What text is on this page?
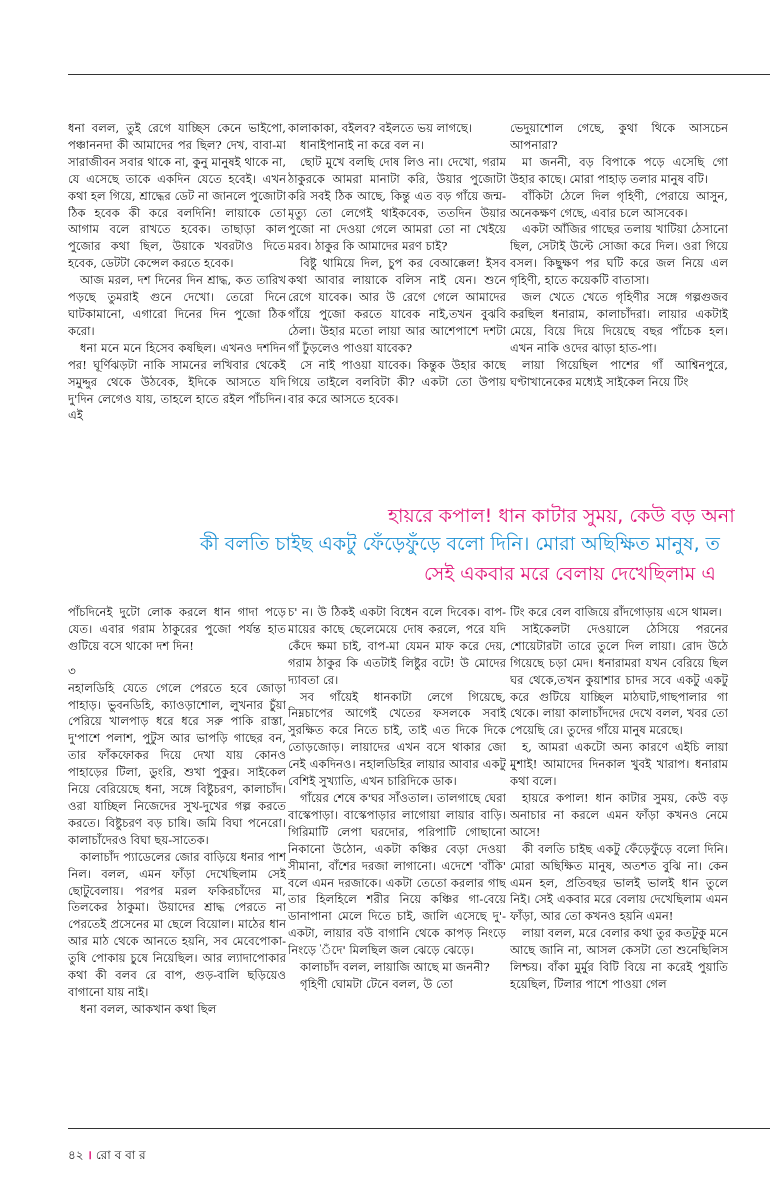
ধনা বলল, তুই রেগে যাচ্ছিস কেনে ভাইপো, পঞ্চাননদা কী আমাদের পর ছিল? দেখ, বাবা-মা সারাজীবন সবার থাকে না, কুনু মানুষই থাকে না, যে এসেছে তাকে একদিন যেতে হবেই। এখন কথা হল গিয়ে, শ্রাদ্ধের ডেট না জানলে পুজোটা ঠিক হবেক কী করে বলদিনি! লায়াকে তো আগাম বলে রাখতে হবেক। তাছাড়া কাল পুজোর কথা ছিল, উয়াকে খবরটাও দিতে হবেক, ডেটটা কেন্সেল করতে হবেক।

আজ মরল, দশ দিনের দিন শ্রাদ্ধ, কত তারিখ পড়ছে তুমরাই গুনে দেখো। তেরো দিনে ঘাটকামানো, এগারো দিনের দিন পুজো ঠিক করো।

ধনা মনে মনে হিসেব কষছিল। এখনও দশদিন পর! ঘূর্ণিঝড়টা নাকি সামনের লখিবার থেকেই সমুদ্দুর থেকে উঠবেক, ইদিকে আসতে যদি দু'দিন লেগেও যায়, তাহলে হাতে রইল পাঁচদিন। এই

কালাকাকা, বইলব? বইলতে ভয় লাগছে।

ধানাইপানাই না করে বল ন।

ছোট মুখে বলছি দোষ লিও না। দেখো, গরাম ঠাকুরকে আমরা মানাটা করি, উয়ার পুজোটা করি সবই ঠিক আছে, কিন্তু এত বড় গাঁয়ে জন্ম-মৃত্যু তো লেগেই থাইকবেক, ততদিন উয়ার পুজো না দেওয়া গেলে আমরা তো না খেইয়ে মরব। ঠাকুর কি আমাদের মরণ চাই?

বিষ্টু থামিয়ে দিল, চুপ কর বেআক্কেল! ইসব কথা আবার লায়াকে বলিস নাই যেন। শুনে রেগে যাবেক। আর উ রেগে গেলে আমাদের গাঁয়ে পুজো করতে যাবেক নাই,তখন বুঝবি ঠেলা। উহার মতো লায়া আর আশেপাশে দশটা গাঁ ঢুঁড়লেও পাওয়া যাবেক?

সে নাই পাওয়া যাবেক। কিন্তুক উহার কাছে গিয়ে তাইলে বলবিটা কী? একটা তো উপায় বার করে আসতে হবেক।

ভেদুয়াশোল গেছে, কুথা থিকে আসচেন আপনারা?

মা জননী, বড় বিপাকে পড়ে এসেছি গো উহার কাছে। মোরা পাহাড় তলার মানুষ বটি।

বাঁকিটা ঠেলে দিল গৃহিণী, পেরায়ে আসুন, অনেকক্ষণ গেছে, এবার চলে আসবেক।

একটা আঁজির গাছের তলায় খাটিয়া ঠেসানো ছিল, সেটাই উল্টে সোজা করে দিল। ওরা গিয়ে বসল। কিছুক্ষণ পর ঘটি করে জল নিয়ে এল গৃহিণী, হাতে কয়েকটি বাতাসা।

জল খেতে খেতে গৃহিণীর সঙ্গে গল্পগুজব করছিল ধনারাম, কালাচাঁদরা। লায়ার একটাই মেয়ে, বিয়ে দিয়ে দিয়েছে বছর পাঁচেক হল। এখন নাকি ওদের ঝাড়া হাত-পা।

লায়া গিয়েছিল পাশের গাঁ আশ্বিনপুরে, ঘণ্টাখানেকের মধ্যেই সাইকেল নিয়ে টিং

হায়রে কপাল! ধান কাটার সুময়, কেউ বড় অনা
কী বলতি চাইছ একটু ফেঁড়েফুঁড়ে বলো দিনি। মোরা অছিক্ষিত মানুষ, ত
সেই একবার মরে বেলায় দেখেছিলাম এ

পাঁচদিনেই দুটো লোক করলে ধান গাদা পড়ে যেত। এবার গরাম ঠাকুরের পুজো পর্যন্ত হাত গুটিয়ে বসে থাকো দশ দিন!

৩

নহালডিহি যেতে গেলে পেরতে হবে জোড়া পাহাড়। ভুবনডিহি, ক্যাওড়াশোল, লুখনার চুঁয়া পেরিয়ে খালপাড় ধরে ধরে সরু পাকি রাস্তা, দু'পাশে পলাশ, পুটুস আর ভাপড়ি গাছের বন, তার ফাঁকফোকর দিয়ে দেখা যায় কোনও পাহাড়ের টিলা, ডুংরি, শুখা পুকুর। সাইকেল নিয়ে বেরিয়েছে ধনা, সঙ্গে বিষ্টুচরণ, কালাচাঁদ। ওরা যাচ্ছিল নিজেদের সুখ-দুখের গল্প করতে করতে। বিষ্টুচরণ বড় চাষি। জমি বিঘা পনেরো। কালাচাঁদেরও বিঘা ছয়-সাতেক।

কালাচাঁদ প্যাডেলের জোর বাড়িয়ে ধনার পাশ নিল। বলল, এমন ফাঁড়া দেখেছিলাম সেই ছোটুবেলায়। পরপর মরল ফকিরচাঁদের মা, তিলকের ঠাকুমা। উয়াদের শ্রাদ্ধ পেরতে না পেরতেই প্রসেনের মা ছেলে বিয়োল। মাঠের ধান আর মাঠ থেকে আনতে হয়নি, সব মেবেপোকা-তুষি পোকায় চুষে নিয়েছিল। আর ল্যাদাপোকার কথা কী বলব রে বাপ, গুড়-বালি ছড়িয়েও বাগানো যায় নাই।

ধনা বলল, আকখান কথা ছিল

চ' ন। উ ঠিকই একটা বিধেন বলে দিবেক। বাপ-মায়ের কাছে ছেলেমেয়ে দোষ করলে, পরে যদি কেঁদে ক্ষমা চাই, বাপ-মা যেমন মাফ করে দেয়, গরাম ঠাকুর কি এতটাই লিষ্টুর বটে! উ মোদের দ্যাবতা রে।

সব গাঁয়েই ধানকাটা লেগে গিয়েছে, নিম্নচাপের আগেই খেতের ফসলকে সবাই সুরক্ষিত করে নিতে চাই, তাই এত দিকে দিকে তোড়জোড়। লায়াদের এখন বসে থাকার জো নেই একদিনও। নহালডিহির লায়ার আবার একটু বেশিই সুখ্যাতি, এখন চারিদিকে ডাক।

গাঁয়ের শেষে ক'ঘর সাঁওতাল। তালগাছে ঘেরা বাস্কেপাড়া। বাস্কেপাড়ার লাগোয়া লায়ার বাড়ি। গিরিমাটি লেপা ঘরদোর, পরিপাটি গোছানো নিকানো উঠোন, একটা কঞ্চির বেড়া দেওয়া সীমানা, বাঁশের দরজা লাগানো। এদেশে 'বাঁকি' বলে এমন দরজাকে। একটা তেতো করলার গাছ তার হিলহিলে শরীর নিয়ে কঞ্চির গা-বেয়ে ডানাপানা মেলে দিতে চাই, জালি এসেছে দু'-একটা, লায়ার বউ বাগানি থেকে কাপড় নিংড়ে নিংড়ে 'ঁদে' মিলছিল জল ঝেড়ে ঝেড়ে।

কালাচাঁদ বলল, লায়াজি আছে মা জননী?

গৃহিণী ঘোমটা টেনে বলল, উ তো

টিং করে বেল বাজিয়ে রাঁদগোড়ায় এসে থামল।

সাইকেলটা দেওয়ালে ঠেসিয়ে পরনের শোয়েটারটা তারে তুলে দিল লায়া। রোদ উঠে গিয়েছে চড়া মেদ। ধনারামরা যখন বেরিয়ে ছিল ঘর থেকে,তখন কুয়াশার চাদর সবে একটু একটু করে গুটিয়ে যাচ্ছিল মাঠঘাট,গাছপালার গা থেকে। লায়া কালাচাঁদদের দেখে বলল, খবর তো পেয়েছি রে। তুদের গাঁয়ে মানুষ মরেছে।

হ, আমরা একটো অন্য কারণে এইচি লায়া মুশাই! আমাদের দিনকাল খুবই খারাপ। ধনারাম কথা বলে।

হায়রে কপাল! ধান কাটার সুময়, কেউ বড় অনাচার না করলে এমন ফাঁড়া কখনও নেমে আসে!

কী বলতি চাইছ একটু ফেঁড়েফুঁড়ে বলো দিনি। মোরা অছিক্ষিত মানুষ, অতশত বুঝি না। কেন এমন হল, প্রতিবছর ভালই ভালই ধান তুলে নিই। সেই একবার মরে বেলায় দেখেছিলাম এমন ফাঁড়া, আর তো কখনও হয়নি এমন!

লায়া বলল, মরে বেলার কথা তুর কতটুকু মনে আছে জানি না, আসল কেসটা তো শুনেছিলিস লিশ্চয়। বাঁকা মুর্মুর বিটি বিয়ে না করেই পুয়াতি হয়েছিল, টিলার পাশে পাওয়া গেল

৪২ । রো ব বা র
